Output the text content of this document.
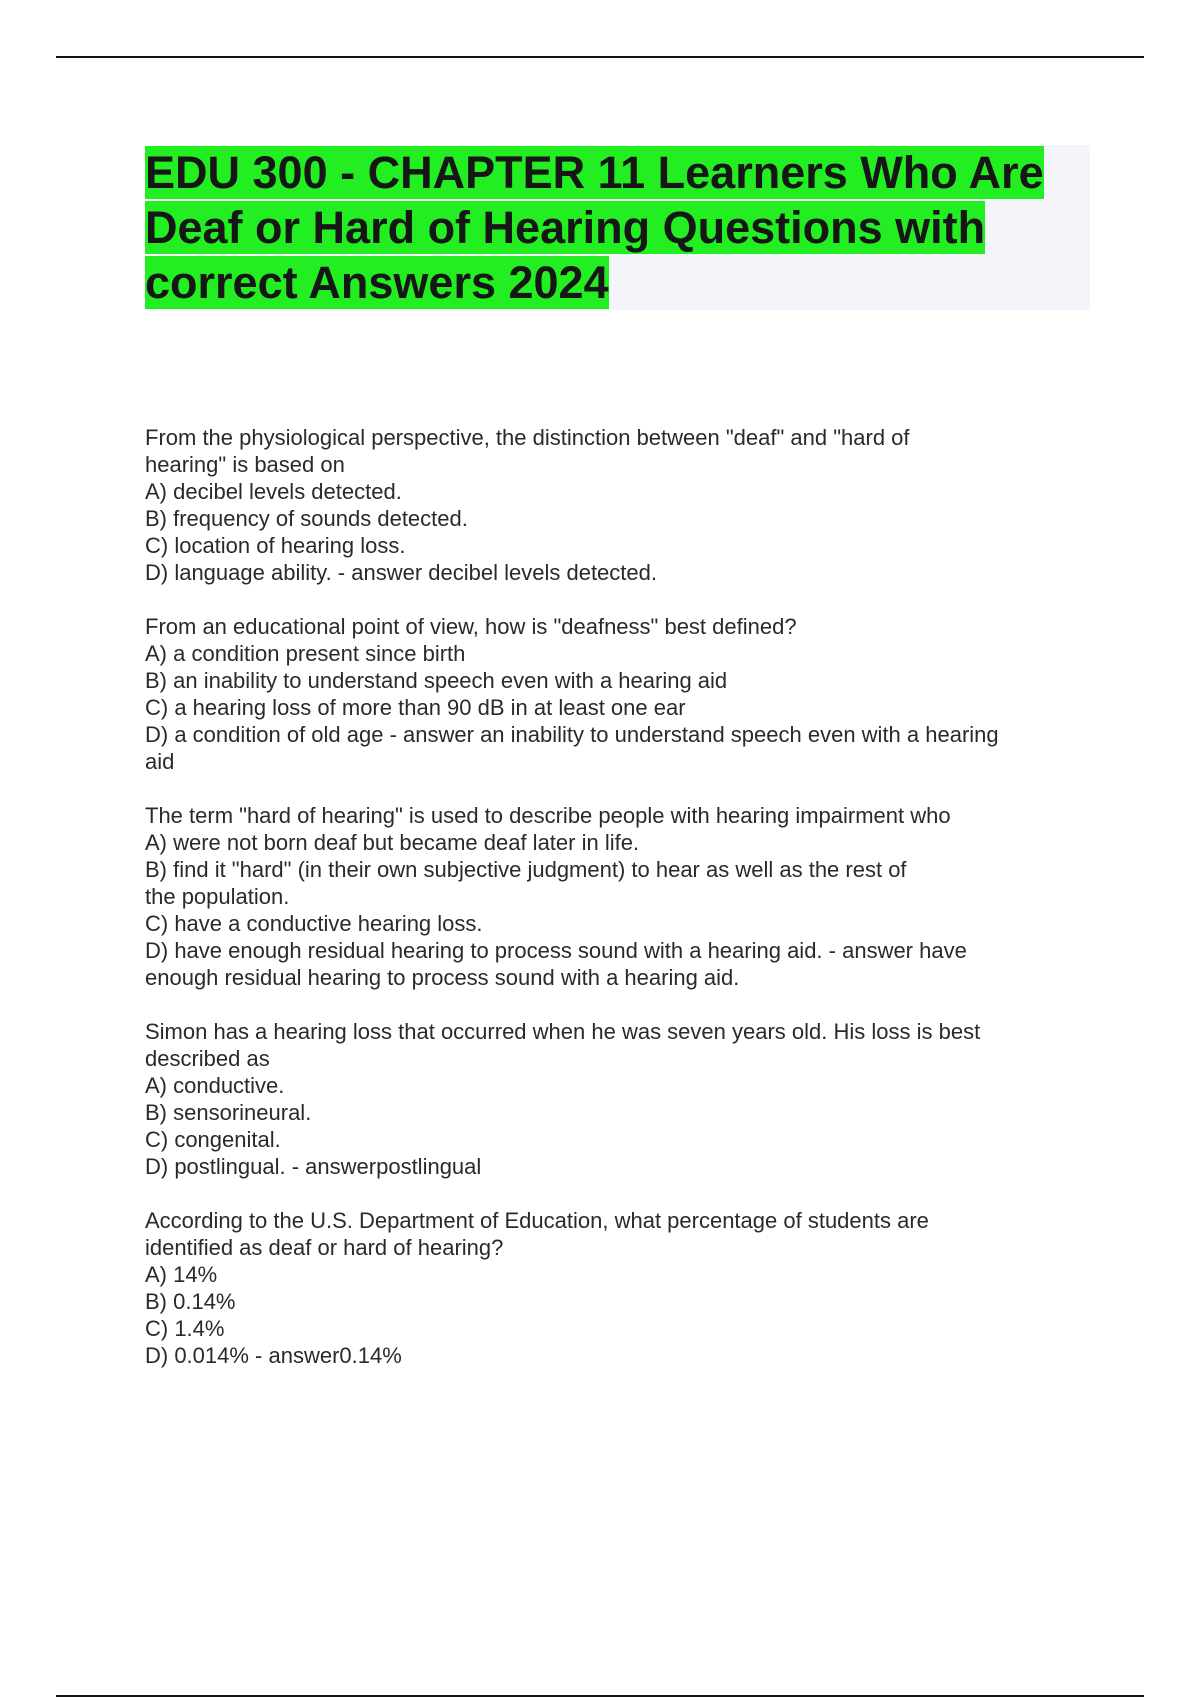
EDU 300 - CHAPTER 11 Learners Who Are Deaf or Hard of Hearing Questions with correct Answers 2024
From the physiological perspective, the distinction between "deaf" and "hard of
hearing" is based on
A) decibel levels detected.
B) frequency of sounds detected.
C) location of hearing loss.
D) language ability. - answer decibel levels detected.
From an educational point of view, how is "deafness" best defined?
A) a condition present since birth
B) an inability to understand speech even with a hearing aid
C) a hearing loss of more than 90 dB in at least one ear
D) a condition of old age - answer an inability to understand speech even with a hearing
aid
The term "hard of hearing" is used to describe people with hearing impairment who
A) were not born deaf but became deaf later in life.
B) find it "hard" (in their own subjective judgment) to hear as well as the rest of
the population.
C) have a conductive hearing loss.
D) have enough residual hearing to process sound with a hearing aid. - answer have
enough residual hearing to process sound with a hearing aid.
Simon has a hearing loss that occurred when he was seven years old. His loss is best
described as
A) conductive.
B) sensorineural.
C) congenital.
D) postlingual. - answerpostlingual
According to the U.S. Department of Education, what percentage of students are
identified as deaf or hard of hearing?
A) 14%
B) 0.14%
C) 1.4%
D) 0.014% - answer0.14%
